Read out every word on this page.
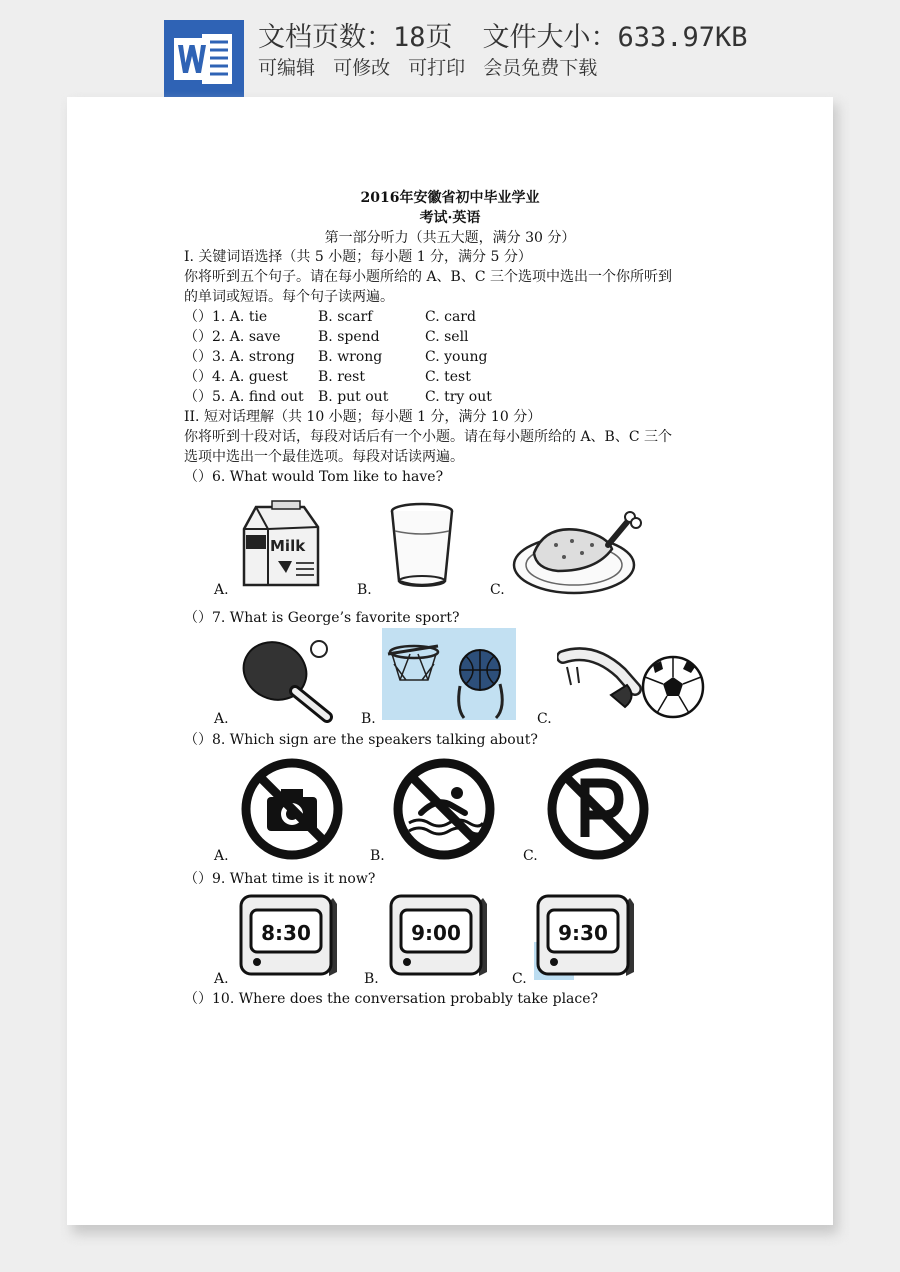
文档页数：18页 文件大小：633.97KB
可编辑 可修改 可打印 会员免费下载
2016年安徽省初中毕业学业
考试·英语
第一部分听力（共五大题，满分 30 分）
I. 关键词语选择（共 5 小题；每小题 1 分，满分 5 分）
你将听到五个句子。请在每小题所给的 A、B、C 三个选项中选出一个你所听到
的单词或短语。每个句子读两遍。
（）1. A. tie	B. scarf	C. card
（）2. A. save	B. spend	C. sell
（）3. A. strong B. wrong	C. young
（）4. A. guest B. rest	C. test
（）5. A. find out B. put out	C. try out
II. 短对话理解（共 10 小题；每小题 1 分，满分 10 分）
你将听到十段对话，每段对话后有一个小题。请在每小题所给的 A、B、C 三个
选项中选出一个最佳选项。每段对话读两遍。
（）6. What would Tom like to have?
Milk
A.	B.	C.
（）7. What is George’s favorite sport?
A.	B.	C.
（）8. Which sign are the speakers talking about?
A.	B.	C.
（）9. What time is it now?
8:30
A.
9:00
B.
9:30
C.
（）10. Where does the conversation probably take place?
